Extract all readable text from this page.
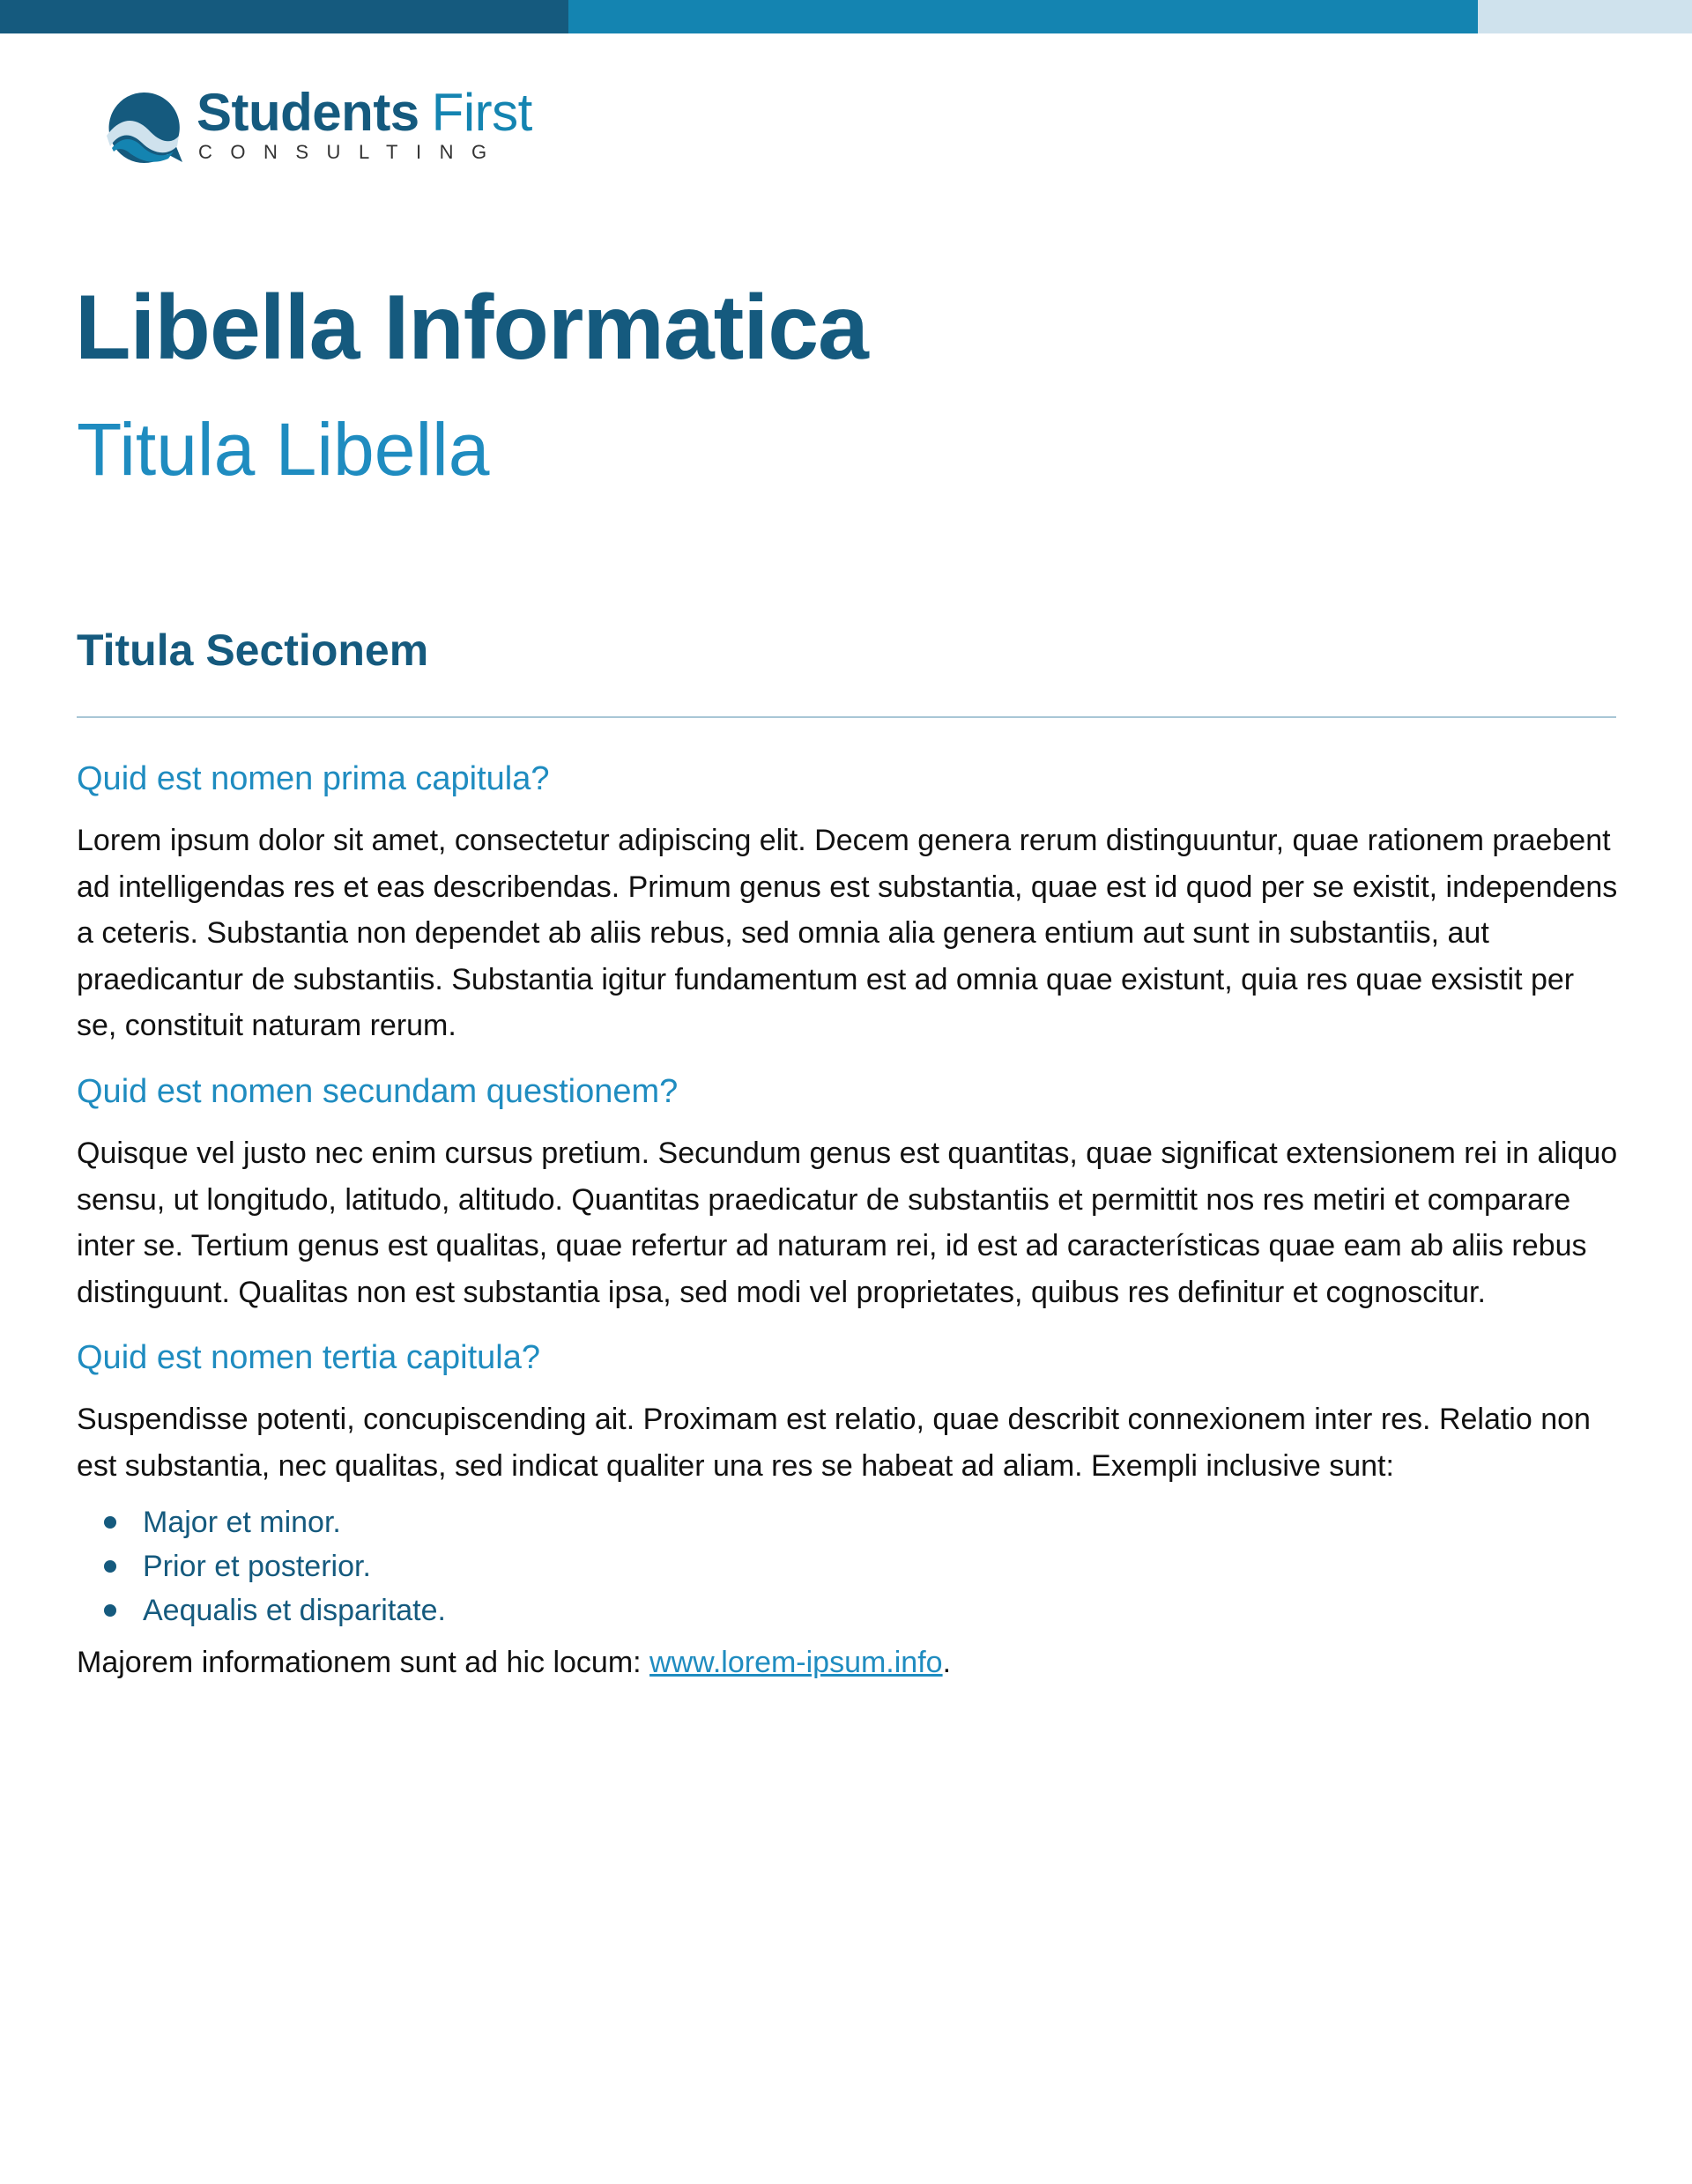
Students First
CONSULTING
Libella Informatica
Titula Libella
Titula Sectionem
Quid est nomen prima capitula?

Lorem ipsum dolor sit amet, consectetur adipiscing elit. Decem genera rerum distinguuntur, quae rationem praebent ad intelligendas res et eas describendas. Primum genus est substantia, quae est id quod per se existit, independens a ceteris. Substantia non dependet ab aliis rebus, sed omnia alia genera entium aut sunt in substantiis, aut praedicantur de substantiis. Substantia igitur fundamentum est ad omnia quae existunt, quia res quae exsistit per se, constituit naturam rerum.

Quid est nomen secundam questionem?

Quisque vel justo nec enim cursus pretium. Secundum genus est quantitas, quae significat extensionem rei in aliquo sensu, ut longitudo, latitudo, altitudo. Quantitas praedicatur de substantiis et permittit nos res metiri et comparare inter se. Tertium genus est qualitas, quae refertur ad naturam rei, id est ad características quae eam ab aliis rebus distinguunt. Qualitas non est substantia ipsa, sed modi vel proprietates, quibus res definitur et cognoscitur.

Quid est nomen tertia capitula?

Suspendisse potenti, concupiscending ait. Proximam est relatio, quae describit connexionem inter res. Relatio non est substantia, nec qualitas, sed indicat qualiter una res se habeat ad aliam. Exempli inclusive sunt:

Major et minor.
Prior et posterior.
Aequalis et disparitate.

Majorem informationem sunt ad hic locum: www.lorem-ipsum.info.
